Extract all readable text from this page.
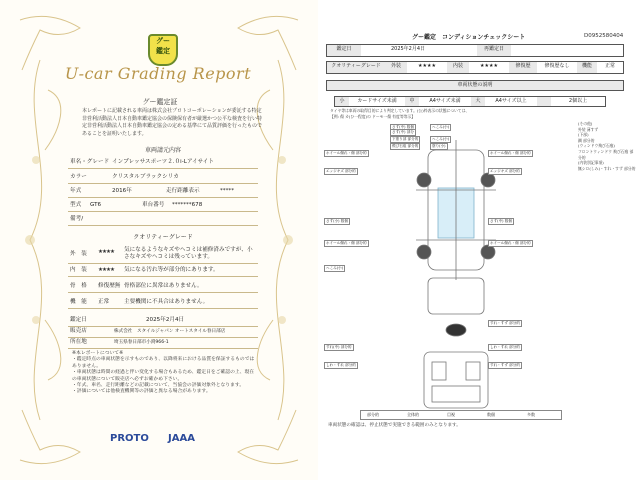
グー
鑑定
U-car Grading Report
グー鑑定証
本レポートに記載される車両は株式会社プロトコーポレーションが委託する特定非営利活動法人日本自動車鑑定協会の保険保有者が厳選かつ公平な検査を行い特定非営利活動法人日本自動車鑑定協会の定める基準にて品質評価を行ったものであることを証明いたします。
車両請元内容
車名・グレード インプレッサスポーツ２.０i-Lアイサイト
カラー	クリスタルブラックシリカ
年式	2016年	走行距離表示	*****
型式 GT6	車台番号 *******678
備考/
クオリティーグレード
外　装 ★★★★ 気になるようなキズやヘコミは補修済みですが、小さなキズやヘコミは残っています。
内　装 ★★★★ 気になる汚れ等が部分的にあります。
骨　格 修復歴無 骨格部位に異常はありません。
機　能 正常	主要機関に不具合はありません。
鑑定日	2025年2月4日
販売店	株式会社　スタイルジャパン オートスタイル春日部店
所在地	埼玉県春日部市小渕966-1
※本レポートについて※
・鑑定時点の車両状態を示すものであり、以降将来における品質を保証するものではありません。
・車両状態は時間の経過と伴い変化する場合もあるため、鑑定日をご確認の上、現在の車両状態について販売店へ必ずお確かめ下さい。
・年式、車名、走行距離などの記載について、当協会の評価対象外となります。
・評価については他検査機関等の評価と異なる場合があります。
PROTO JAAA
グー鑑定　コンディションチェックシート	D0952580404
鑑定日	2025年2月4日	再鑑定日
クオリティーグレード	外装	★★★★	内装	★★★★	修復歴	修復歴なし	機能	正常
車両状態の説明
小	カードサイズ未満	中	A4サイズ未満	大	A4サイズ以上	2個以上
タイヤ等は車両の取得目的により判定しています。(公)枠表示の状態については、
【例: 傷 カ(ひ一程度)の ドーモ一傷 有度等等示】
さす(中) 数個	ヘこみ(小)
下塗り部 部分的
飛び石痕 部分的
さす(中) 部分
ヘこみ(小)
塗り(小)
ホイール傷れ・傷 部分的
エッジキズ 部分的
ホイール傷れ・傷 部分的
エッジキズ 部分的
ホイール傷れ・傷 部分的	ホイール傷れ・傷 部分的
さす(小) 数個	さす(中) 数個
ヘこみ(小)
すれ・すず 部分的
すれ(中) 部分的	しわ・すれ 部分的
しわ・すれ 部分的	すれ・すず 部分的
(その他)
外装 薄すず
(下部)
鋼 部分的
(ウィンドウ飛び石痕)
フロントウィンドウ 飛び石痕 部分的
(内装別記事項)
無シロ(しみ)・すれ・すず 部分的
部分的	全体的	目視	数個	多数
車両状態の確認は、停止状態で実施できる範囲のみとなります。
